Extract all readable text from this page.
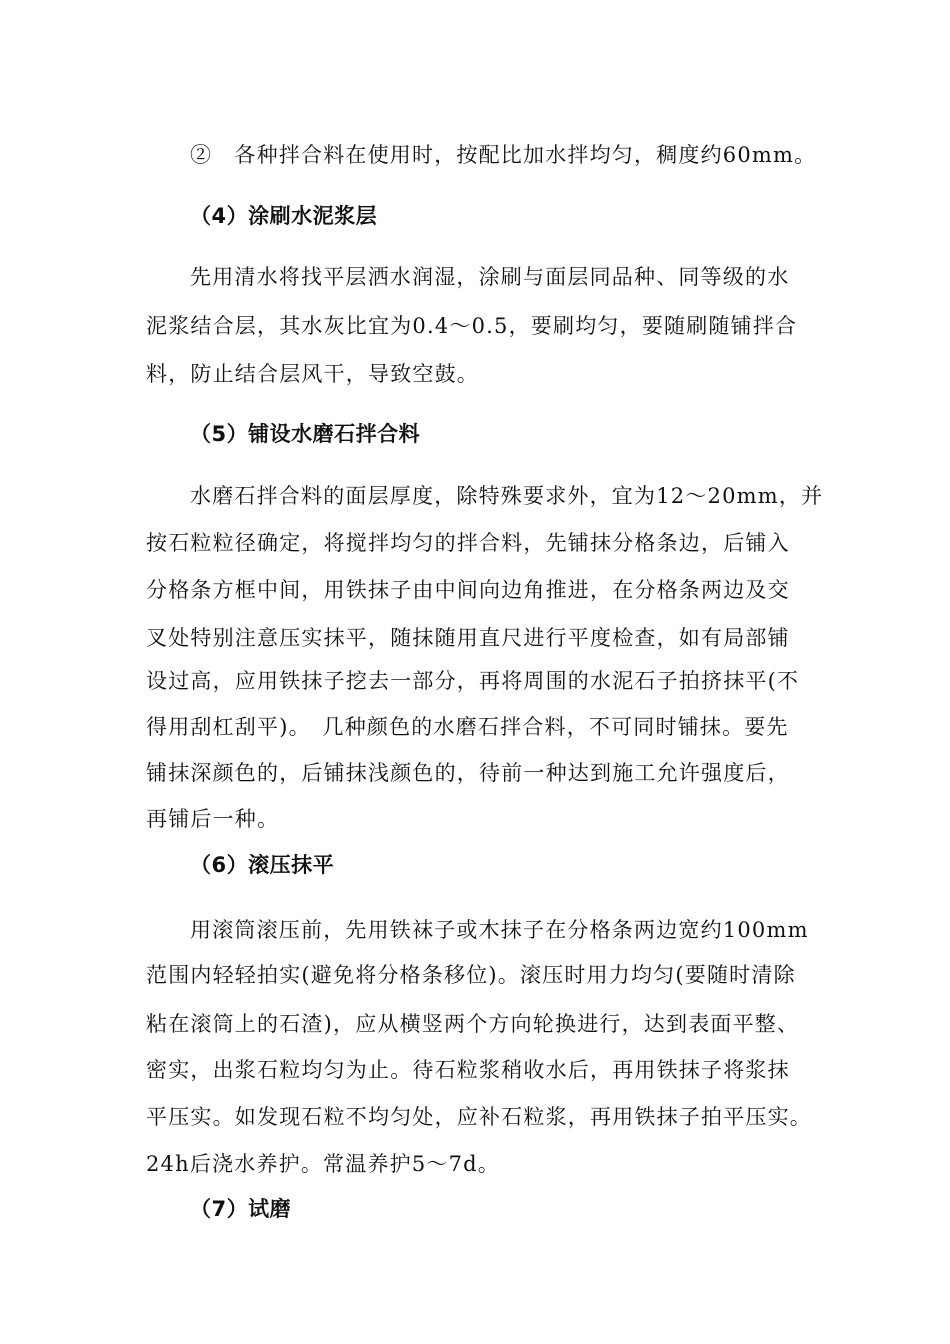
②　各种拌合料在使用时，按配比加水拌均匀，稠度约60mm。
（4）涂刷水泥浆层
先用清水将找平层洒水润湿，涂刷与面层同品种、同等级的水
泥浆结合层，其水灰比宜为0.4～0.5，要刷均匀，要随刷随铺拌合
料，防止结合层风干，导致空鼓。
（5）铺设水磨石拌合料
水磨石拌合料的面层厚度，除特殊要求外，宜为12～20mm，并
按石粒粒径确定，将搅拌均匀的拌合料，先铺抹分格条边，后铺入
分格条方框中间，用铁抹子由中间向边角推进，在分格条两边及交
叉处特别注意压实抹平，随抹随用直尺进行平度检查，如有局部铺
设过高，应用铁抹子挖去一部分，再将周围的水泥石子拍挤抹平(不
得用刮杠刮平)。　几种颜色的水磨石拌合料，不可同时铺抹。要先
铺抹深颜色的，后铺抹浅颜色的，待前一种达到施工允许强度后，
再铺后一种。
（6）滚压抹平
用滚筒滚压前，先用铁袜子或木抹子在分格条两边宽约100mm
范围内轻轻拍实(避免将分格条移位)。滚压时用力均匀(要随时清除
粘在滚筒上的石渣)，应从横竖两个方向轮换进行，达到表面平整、
密实，出浆石粒均匀为止。待石粒浆稍收水后，再用铁抹子将浆抹
平压实。如发现石粒不均匀处，应补石粒浆，再用铁抹子拍平压实。
24h后浇水养护。常温养护5～7d。
（7）试磨
